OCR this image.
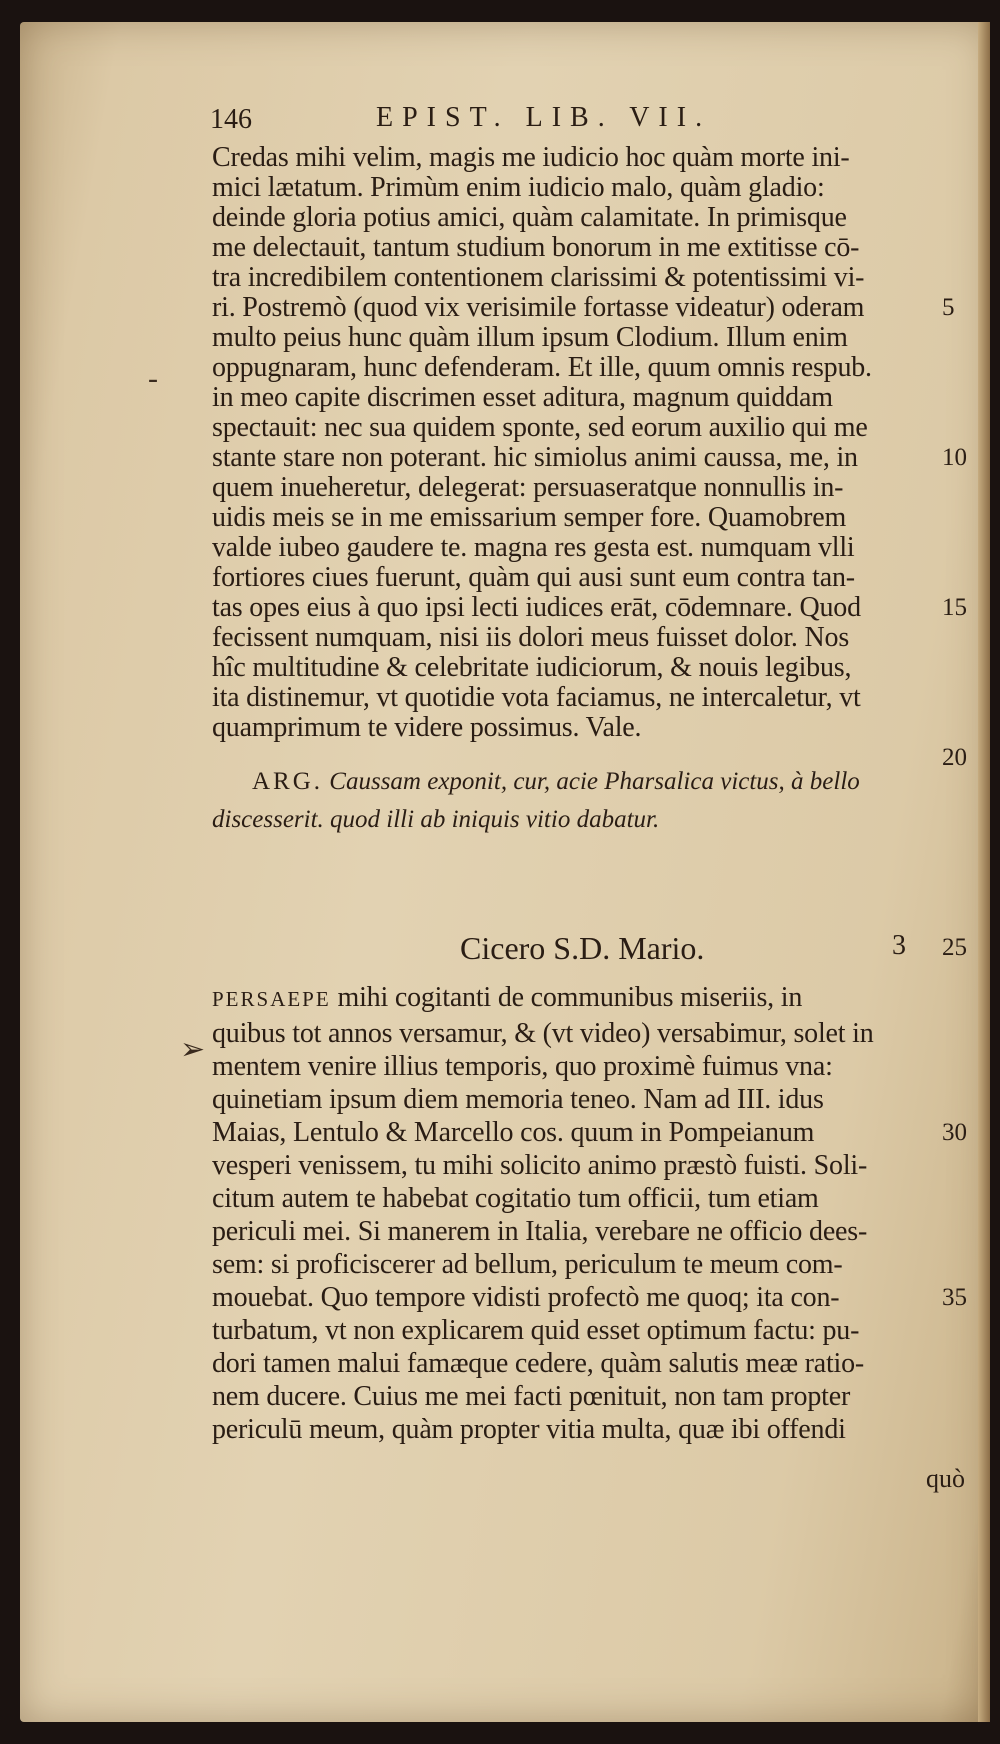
146	EPIST. LIB. VII.
Credas mihi velim, magis me iudicio hoc quàm morte ini-
mici lætatum. Primùm enim iudicio malo, quàm gladio:
deinde gloria potius amici, quàm calamitate. In primisque
me delectauit, tantum studium bonorum in me extitisse cō-
tra incredibilem contentionem clarissimi & potentissimi vi-
ri. Postremò (quod vix verisimile fortasse videatur) oderam
multo peius hunc quàm illum ipsum Clodium. Illum enim
oppugnaram, hunc defenderam. Et ille, quum omnis respub.
in meo capite discrimen esset aditura, magnum quiddam
spectauit: nec sua quidem sponte, sed eorum auxilio qui me
stante stare non poterant. hic simiolus animi caussa, me, in
quem inueheretur, delegerat: persuaseratque nonnullis in-
uidis meis se in me emissarium semper fore. Quamobrem
valde iubeo gaudere te. magna res gesta est. numquam vlli
fortiores ciues fuerunt, quàm qui ausi sunt eum contra tan-
tas opes eius à quo ipsi lecti iudices erāt, cōdemnare. Quod
fecissent numquam, nisi iis dolori meus fuisset dolor. Nos
hîc multitudine & celebritate iudiciorum, & nouis legibus,
ita distinemur, vt quotidie vota faciamus, ne intercaletur, vt
quamprimum te videre possimus. Vale.
5
10
15
20
-
ARG. Caussam exponit, cur, acie Pharsalica victus, à bello
discesserit. quod illi ab iniquis vitio dabatur.
Cicero S.D. Mario.	3 25
PERSAEPE mihi cogitanti de communibus miseriis, in
quibus tot annos versamur, & (vt video) versabimur, solet in
mentem venire illius temporis, quo proximè fuimus vna:
quinetiam ipsum diem memoria teneo. Nam ad III. idus
Maias, Lentulo & Marcello cos. quum in Pompeianum
vesperi venissem, tu mihi solicito animo præstò fuisti. Soli-
citum autem te habebat cogitatio tum officii, tum etiam
periculi mei. Si manerem in Italia, verebare ne officio dees-
sem: si proficiscerer ad bellum, periculum te meum com-
mouebat. Quo tempore vidisti profectò me quoq; ita con-
turbatum, vt non explicarem quid esset optimum factu: pu-
dori tamen malui famæque cedere, quàm salutis meæ ratio-
nem ducere. Cuius me mei facti pœnituit, non tam propter
periculū meum, quàm propter vitia multa, quæ ibi offendi
30
35
➢
quò
